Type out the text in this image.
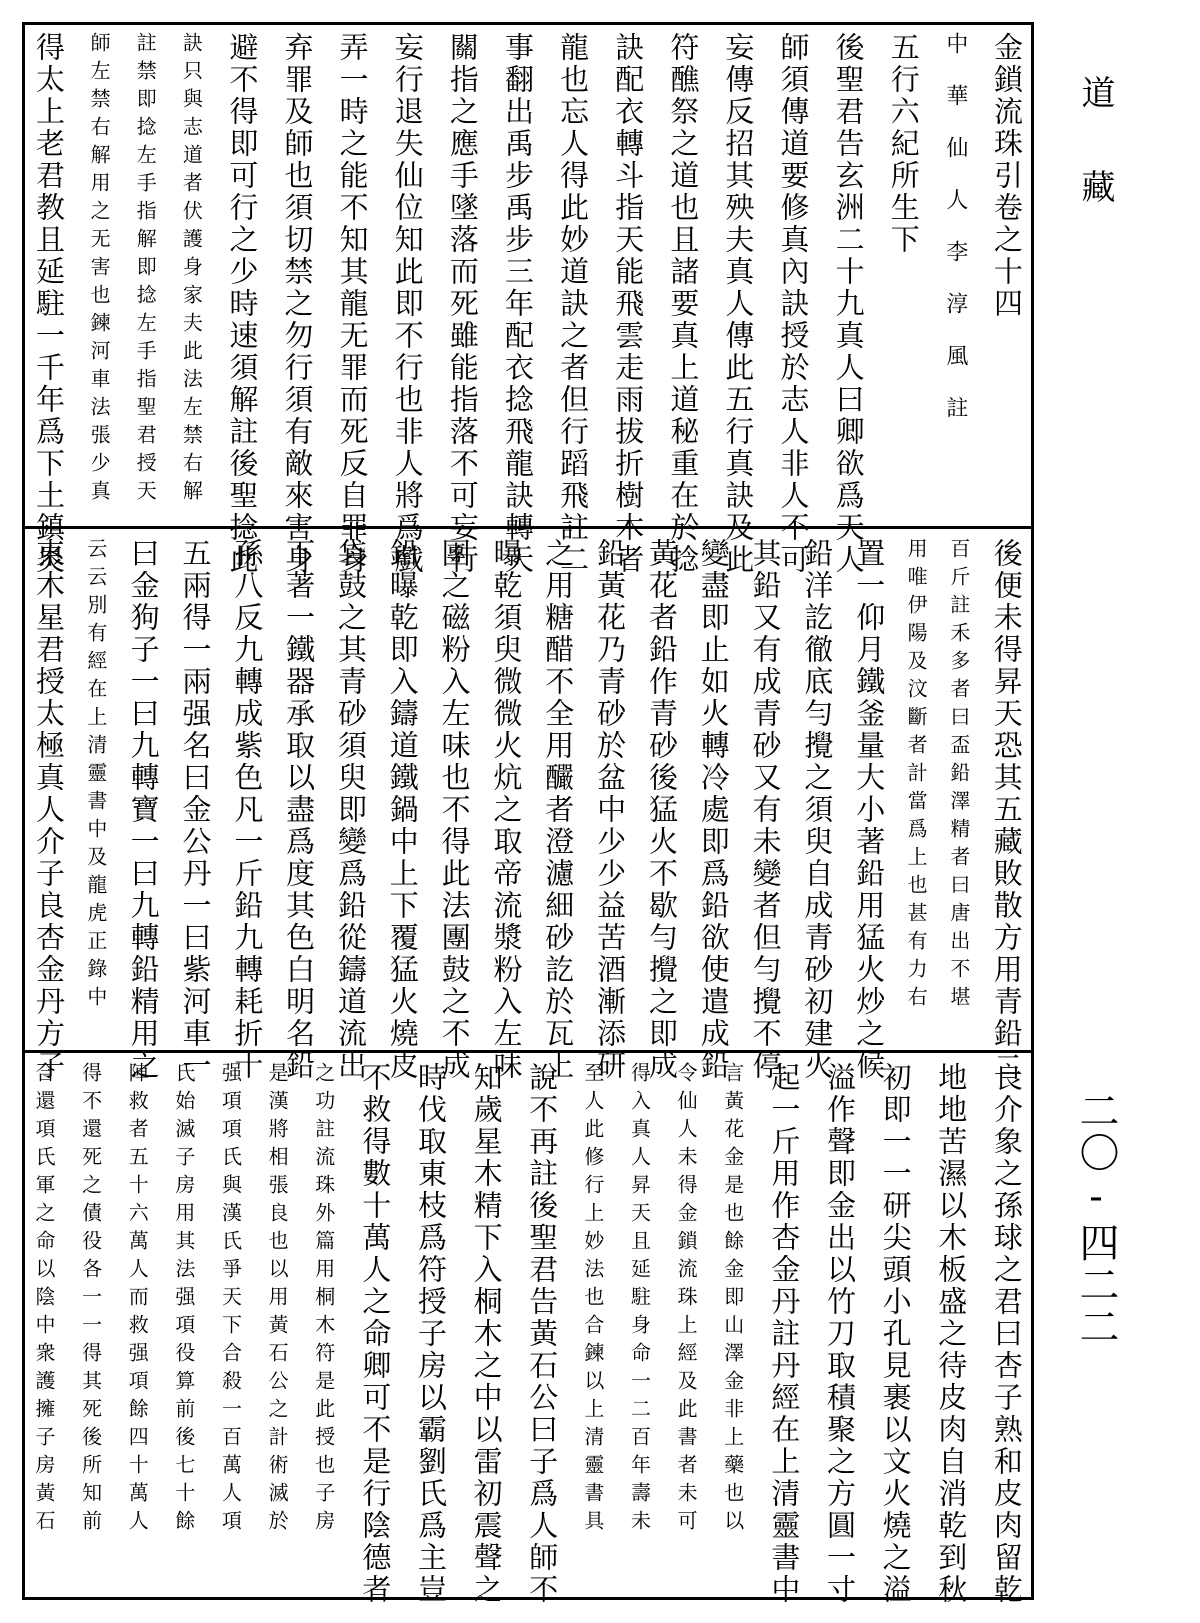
道藏
二〇-四二二
金鎖流珠引卷之十四
中華仙人李淳風註
五行六紀所生下
後聖君告玄洲二十九真人曰卿欲爲天人
師須傳道要修真內訣授於志人非人不可
妄傳反招其殃夫真人傳此五行真訣及此
符醮祭之道也且諸要真上道秘重在於捻
訣配衣轉斗指天能飛雲走雨拔折樹木者
龍也忘人得此妙道訣之者但行蹈飛註二
事翻出禹步禹步三年配衣捻飛龍訣轉天
關指之應手墜落而死雖能指落不可妄行
妄行退失仙位知此即不行也非人將爲戲
弄一時之能不知其龍无罪而死反自罪身
弃罪及師也須切禁之勿行須有敵來害身
避不得即可行之少時速須解註後聖捻此
訣只與志道者伏護身家夫此法左禁右解
註禁即捻左手指解即捻左手指聖君授天
師左禁右解用之无害也鍊河車法張少真
得太上老君教且延駐一千年爲下土鎮炎
後便未得昇天恐其五藏敗散方用青鉛二
百斤註禾多者曰盃鉛澤精者曰唐出不堪
用唯伊陽及汶斷者計當爲上也甚有力右
置一仰月鐵釜量大小著鉛用猛火炒之候
鉛洋訖徹底勻攪之須臾自成青砂初建火
其鉛又有成青砂又有未變者但勻攪不停
變盡即止如火轉冷處即爲鉛欲使遣成鉛
黃花者鉛作青砂後猛火不歇勻攪之即成
鉛黃花乃青砂於盆中少少益苦酒漸添研
之用糖醋不全用釅者澄濾細砂訖於瓦上
曝乾須臾微微火炕之取帝流漿粉入左味
團之磁粉入左味也不得此法團鼓之不成
鉛曝乾即入鑄道鐵鍋中上下覆猛火燒皮
袋鼓之其青砂須臾即變爲鉛從鑄道流出
下著一鐵器承取以盡爲度其色白明名鉛
孫八反九轉成紫色凡一斤鉛九轉耗折十
五兩得一兩强名曰金公丹一曰紫河車一
曰金狗子一曰九轉寶一曰九轉鉛精用之
云云別有經在上清靈書中及龍虎正錄中
東木星君授太極真人介子良杏金丹方子
良介象之孫球之君曰杏子熟和皮肉留乾
地地苦濕以木板盛之待皮肉自消乾到秋
初即一一研尖頭小孔見裹以文火燒之溢
溢作聲即金出以竹刀取積聚之方圓一寸
起一斤用作杏金丹註丹經在上清靈書中
言黃花金是也餘金即山澤金非上藥也以
令仙人未得金鎖流珠上經及此書者未可
得入真人昇天且延駐身命一二百年壽未
至人此修行上妙法也合鍊以上清靈書具
說不再註後聖君告黃石公曰子爲人師不
知歲星木精下入桐木之中以雷初震聲之
時伐取東枝爲符授子房以霸劉氏爲主豈
不救得數十萬人之命卿可不是行陰德者
之功註流珠外篇用桐木符是此授也子房
是漢將相張良也以用黃石公之計術滅於
强項項氏與漢氏爭天下合殺一百萬人項
氏始滅子房用其法强項役算前後七十餘
陣救者五十六萬人而救强項餘四十萬人
得不還死之債役各一一得其死後所知前
合還項氏軍之命以陰中衆護擁子房黃石
